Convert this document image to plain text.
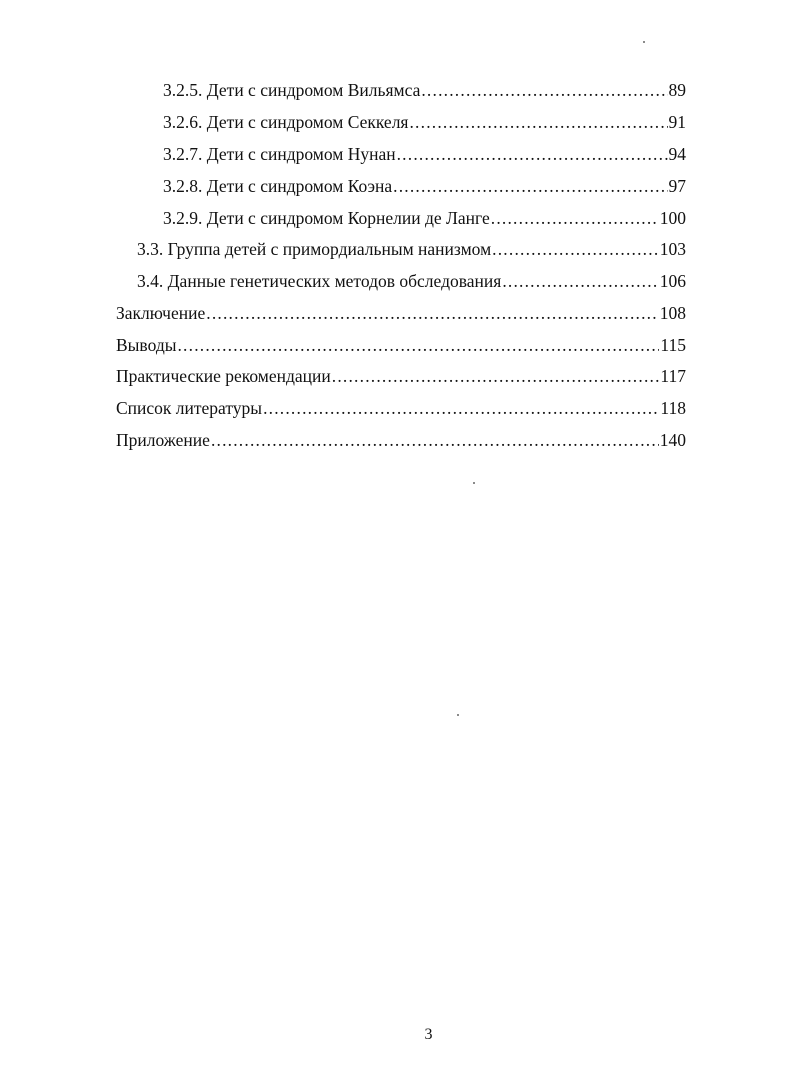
3.2.5. Дети с синдромом Вильямса .....	89
3.2.6. Дети с синдромом Секкеля .....	91
3.2.7. Дети с синдромом Нунан .....	94
3.2.8. Дети с синдромом Коэна .....	97
3.2.9. Дети с синдромом Корнелии де Ланге .....	100
3.3. Группа детей с примордиальным нанизмом .....	103
3.4. Данные генетических методов обследования .....	106
Заключение .....	108
Выводы .....	115
Практические рекомендации .....	117
Список литературы .....	118
Приложение .....	140
3
